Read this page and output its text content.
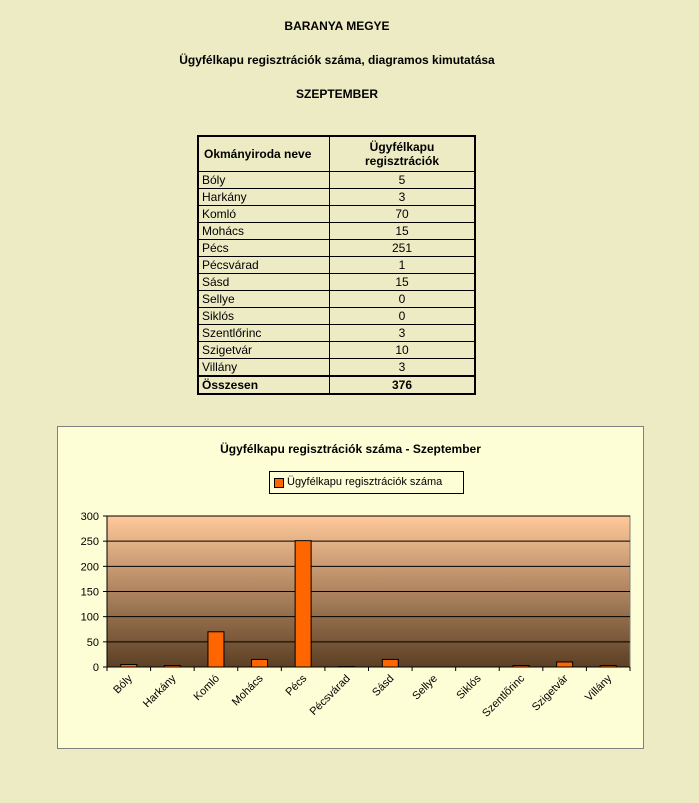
BARANYA MEGYE
Ügyfélkapu regisztrációk száma, diagramos kimutatása
SZEPTEMBER
Okmányiroda neve	Ügyfélkapu regisztrációk
Bóly	5
Harkány	3
Komló	70
Mohács	15
Pécs	251
Pécsvárad	1
Sásd	15
Sellye	0
Siklós	0
Szentlőrinc	3
Szigetvár	10
Villány	3
Összesen	376
Ügyfélkapu regisztrációk száma - Szeptember
Ügyfélkapu regisztrációk száma
0
50
100
150
200
250
300
Bóly Harkány Komló Mohács Pécs
Pécsvárad Sásd Sellye Siklós
Szentlőrinc Szigetvár Villány
